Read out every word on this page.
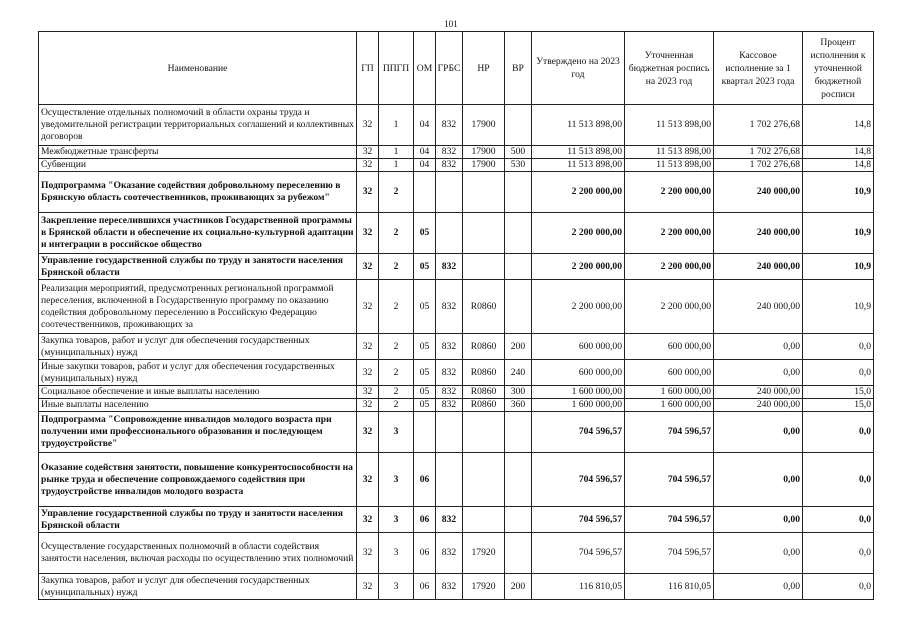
101
Наименование	ГП	ППГП	ОМ	ГРБС	НР	ВР	Утверждено на 2023 год	Уточненная бюджетная роспись на 2023 год	Кассовое исполнение за 1 квартал 2023 года	Процент исполнения к уточненной бюджетной росписи
Осуществление отдельных полномочий в области охраны труда и уведомительной регистрации территориальных соглашений и коллективных договоров	32	1	04	832	17900		11 513 898,00	11 513 898,00	1 702 276,68	14,8
Межбюджетные трансферты	32	1	04	832	17900	500	11 513 898,00	11 513 898,00	1 702 276,68	14,8
Субвенции	32	1	04	832	17900	530	11 513 898,00	11 513 898,00	1 702 276,68	14,8
Подпрограмма "Оказание содействия добровольному переселению в Брянскую область соотечественников, проживающих за рубежом"	32	2					2 200 000,00	2 200 000,00	240 000,00	10,9
Закрепление переселившихся участников Государственной программы в Брянской области и обеспечение их социально-культурной адаптации и интеграции в российское общество	32	2	05				2 200 000,00	2 200 000,00	240 000,00	10,9
Управление государственной службы по труду и занятости населения Брянской области	32	2	05	832			2 200 000,00	2 200 000,00	240 000,00	10,9
Реализация мероприятий, предусмотренных региональной программой переселения, включенной в Государственную программу по оказанию содействия добровольному переселению в Российскую Федерацию соотечественников, проживающих за	32	2	05	832	R0860		2 200 000,00	2 200 000,00	240 000,00	10,9
Закупка товаров, работ и услуг для обеспечения государственных (муниципальных) нужд	32	2	05	832	R0860	200	600 000,00	600 000,00	0,00	0,0
Иные закупки товаров, работ и услуг для обеспечения государственных (муниципальных) нужд	32	2	05	832	R0860	240	600 000,00	600 000,00	0,00	0,0
Социальное обеспечение и иные выплаты населению	32	2	05	832	R0860	300	1 600 000,00	1 600 000,00	240 000,00	15,0
Иные выплаты населению	32	2	05	832	R0860	360	1 600 000,00	1 600 000,00	240 000,00	15,0
Подпрограмма "Сопровождение инвалидов молодого возраста при получении ими профессионального образования и последующем трудоустройстве"	32	3					704 596,57	704 596,57	0,00	0,0
Оказание содействия занятости, повышение конкурентоспособности на рынке труда и обеспечение сопровождаемого содействия при трудоустройстве инвалидов молодого возраста	32	3	06				704 596,57	704 596,57	0,00	0,0
Управление государственной службы по труду и занятости населения Брянской области	32	3	06	832			704 596,57	704 596,57	0,00	0,0
Осуществление государственных полномочий в области содействия занятости населения, включая расходы по осуществлению этих полномочий	32	3	06	832	17920		704 596,57	704 596,57	0,00	0,0
Закупка товаров, работ и услуг для обеспечения государственных (муниципальных) нужд	32	3	06	832	17920	200	116 810,05	116 810,05	0,00	0,0
